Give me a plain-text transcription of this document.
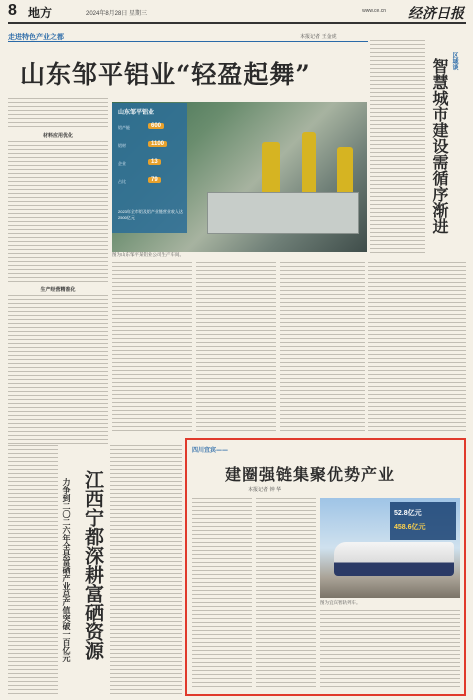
8 地方	2024年8月28日 星期三	经济日报
www.ce.cn
走进特色产业之都	本报记者 王金虎
山东邹平铝业“轻盈起舞”
材料应用优化
生产经营精准化
图为山东邹平某铝业公司生产车间。
山东邹平铝业
铝产能	600
铝材	1100
企业	13
占比	79
2023年全市铝及铝产业链营业收入达2500亿元
区域谈
智慧城市建设需循序渐进
力争到二〇二六年全县富硒产业总产值突破一百亿元 江西宁都深耕富硒资源
四川宜宾——
建圈强链集聚优势产业
本报记者 钟 华
52.8亿元
458.6亿元
图为宜宾智轨列车。
